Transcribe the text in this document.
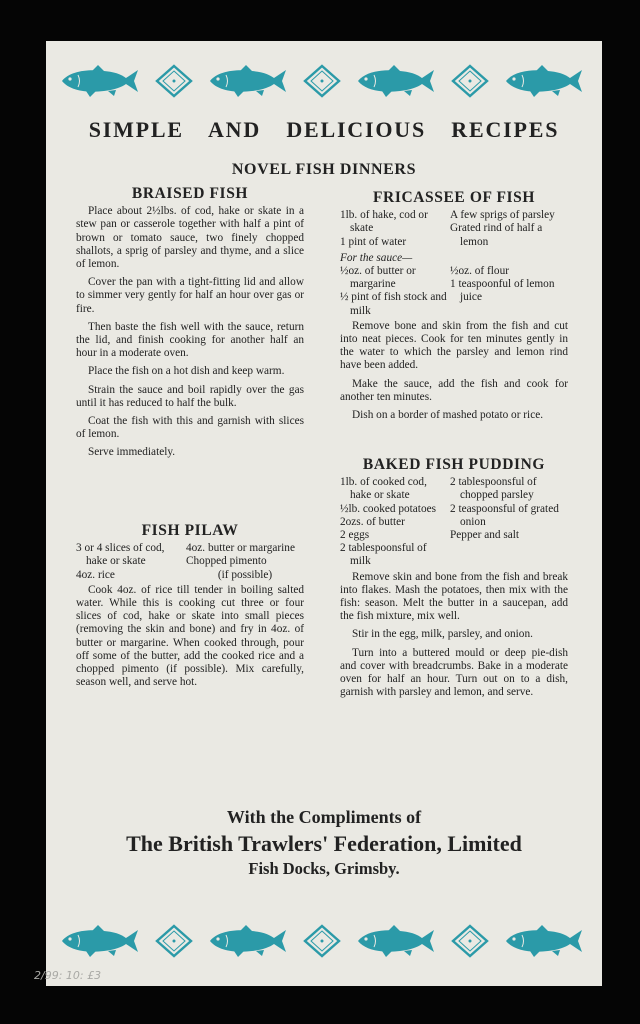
SIMPLE AND DELICIOUS RECIPES
NOVEL FISH DINNERS
BRAISED FISH

Place about 2½lbs. of cod, hake or skate in a stew pan or casserole together with half a pint of brown or tomato sauce, two finely chopped shallots, a sprig of parsley and thyme, and a slice of lemon.

Cover the pan with a tight-fitting lid and allow to simmer very gently for half an hour over gas or fire.

Then baste the fish well with the sauce, return the lid, and finish cooking for another half an hour in a moderate oven.

Place the fish on a hot dish and keep warm.

Strain the sauce and boil rapidly over the gas until it has reduced to half the bulk.

Coat the fish with this and garnish with slices of lemon.

Serve immediately.

FISH PILAW
3 or 4 slices of cod, hake or skate
4oz. rice
4oz. butter or margarine
Chopped pimento
(if possible)

Cook 4oz. of rice till tender in boiling salted water. While this is cooking cut three or four slices of cod, hake or skate into small pieces (removing the skin and bone) and fry in 4oz. of butter or margarine. When cooked through, pour off some of the butter, add the cooked rice and a chopped pimento (if possible). Mix carefully, season well, and serve hot.

FRICASSEE OF FISH
1lb. of hake, cod or skate
1 pint of water
A few sprigs of parsley
Grated rind of half a lemon
For the sauce—
½oz. of butter or margarine
½ pint of fish stock and milk
½oz. of flour
1 teaspoonful of lemon juice

Remove bone and skin from the fish and cut into neat pieces. Cook for ten minutes gently in the water to which the parsley and lemon rind have been added.

Make the sauce, add the fish and cook for another ten minutes.

Dish on a border of mashed potato or rice.

BAKED FISH PUDDING
1lb. of cooked cod, hake or skate
½lb. cooked potatoes
2ozs. of butter
2 eggs
2 tablespoonsful of milk
2 tablespoonsful of chopped parsley
2 teaspoonsful of grated onion
Pepper and salt

Remove skin and bone from the fish and break into flakes. Mash the potatoes, then mix with the fish: season. Melt the butter in a saucepan, add the fish mixture, mix well.

Stir in the egg, milk, parsley, and onion.

Turn into a buttered mould or deep pie-dish and cover with breadcrumbs. Bake in a moderate oven for half an hour. Turn out on to a dish, garnish with parsley and lemon, and serve.

With the Compliments of
The British Trawlers' Federation, Limited
Fish Docks, Grimsby.
2/99: 10: £3
